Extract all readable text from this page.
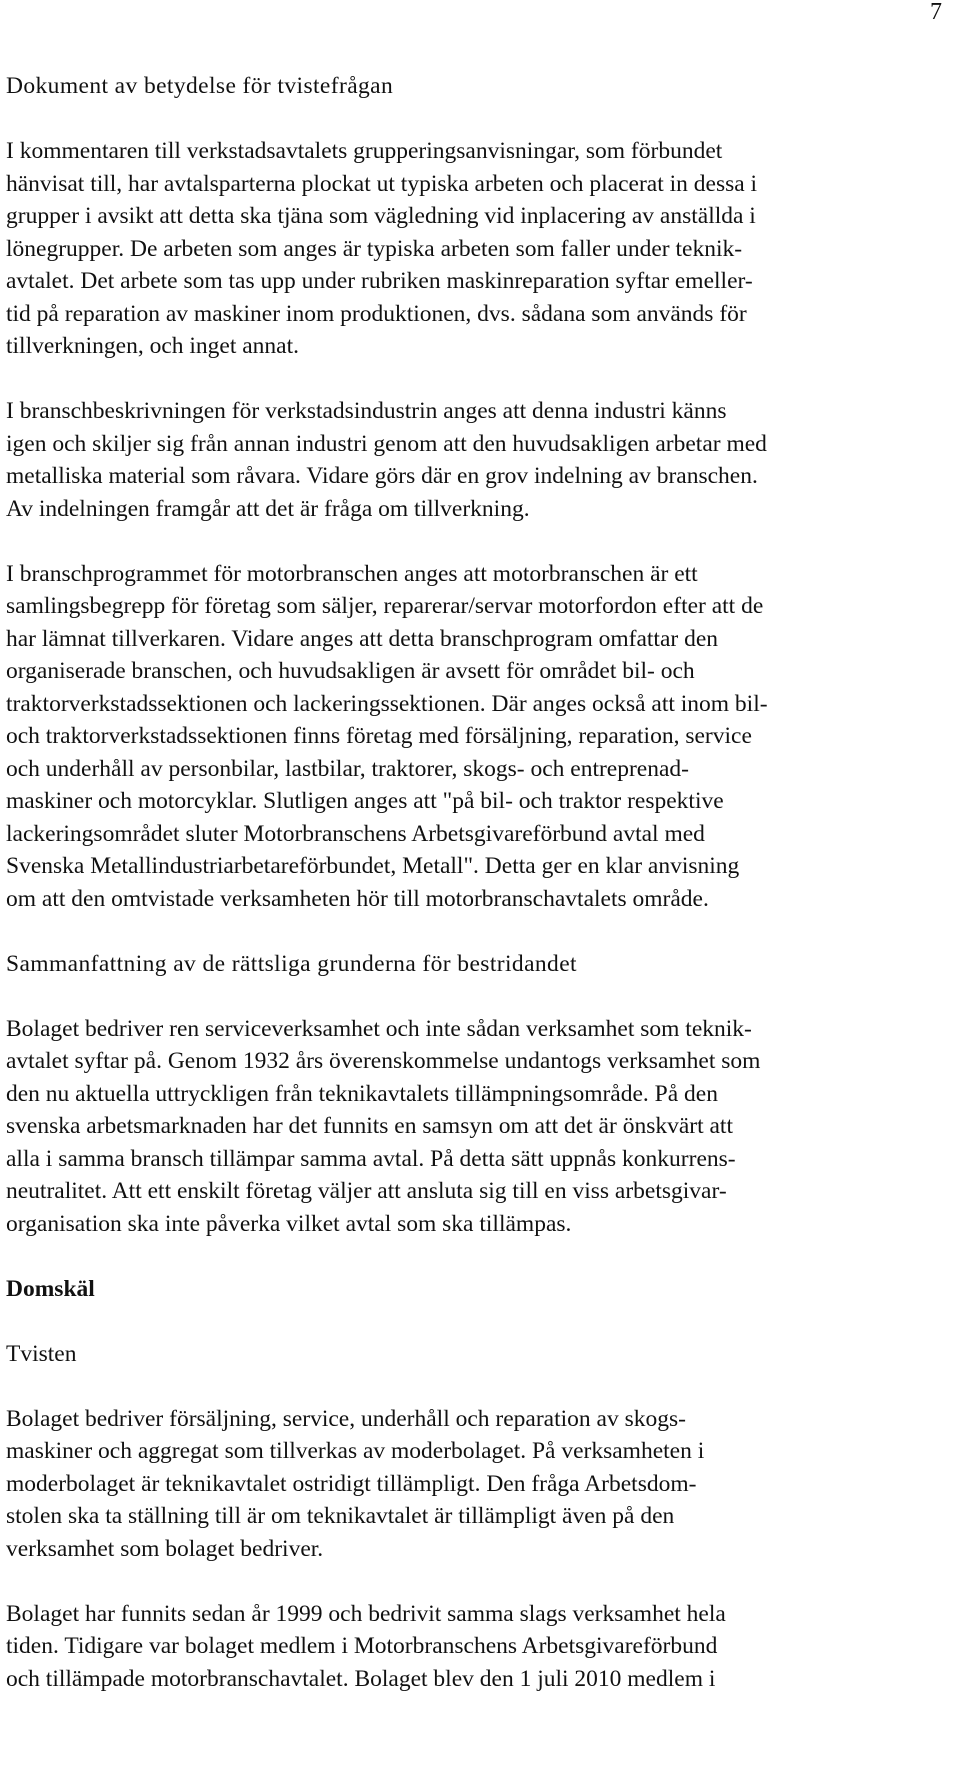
7
Dokument av betydelse för tvistefrågan
I kommentaren till verkstadsavtalets grupperingsanvisningar, som förbundet
hänvisat till, har avtalsparterna plockat ut typiska arbeten och placerat in dessa i
grupper i avsikt att detta ska tjäna som vägledning vid inplacering av anställda i
lönegrupper. De arbeten som anges är typiska arbeten som faller under teknik-
avtalet. Det arbete som tas upp under rubriken maskinreparation syftar emeller-
tid på reparation av maskiner inom produktionen, dvs. sådana som används för
tillverkningen, och inget annat.
I branschbeskrivningen för verkstadsindustrin anges att denna industri känns
igen och skiljer sig från annan industri genom att den huvudsakligen arbetar med
metalliska material som råvara. Vidare görs där en grov indelning av branschen.
Av indelningen framgår att det är fråga om tillverkning.
I branschprogrammet för motorbranschen anges att motorbranschen är ett
samlingsbegrepp för företag som säljer, reparerar/servar motorfordon efter att de
har lämnat tillverkaren. Vidare anges att detta branschprogram omfattar den
organiserade branschen, och huvudsakligen är avsett för området bil- och
traktorverkstadssektionen och lackeringssektionen. Där anges också att inom bil-
och traktorverkstadssektionen finns företag med försäljning, reparation, service
och underhåll av personbilar, lastbilar, traktorer, skogs- och entreprenad-
maskiner och motorcyklar. Slutligen anges att "på bil- och traktor respektive
lackeringsområdet sluter Motorbranschens Arbetsgivareförbund avtal med
Svenska Metallindustriarbetareförbundet, Metall". Detta ger en klar anvisning
om att den omtvistade verksamheten hör till motorbranschavtalets område.
Sammanfattning av de rättsliga grunderna för bestridandet
Bolaget bedriver ren serviceverksamhet och inte sådan verksamhet som teknik-
avtalet syftar på. Genom 1932 års överenskommelse undantogs verksamhet som
den nu aktuella uttryckligen från teknikavtalets tillämpningsområde. På den
svenska arbetsmarknaden har det funnits en samsyn om att det är önskvärt att
alla i samma bransch tillämpar samma avtal. På detta sätt uppnås konkurrens-
neutralitet. Att ett enskilt företag väljer att ansluta sig till en viss arbetsgivar-
organisation ska inte påverka vilket avtal som ska tillämpas.
Domskäl
Tvisten
Bolaget bedriver försäljning, service, underhåll och reparation av skogs-
maskiner och aggregat som tillverkas av moderbolaget. På verksamheten i
moderbolaget är teknikavtalet ostridigt tillämpligt. Den fråga Arbetsdom-
stolen ska ta ställning till är om teknikavtalet är tillämpligt även på den
verksamhet som bolaget bedriver.
Bolaget har funnits sedan år 1999 och bedrivit samma slags verksamhet hela
tiden. Tidigare var bolaget medlem i Motorbranschens Arbetsgivareförbund
och tillämpade motorbranschavtalet. Bolaget blev den 1 juli 2010 medlem i
